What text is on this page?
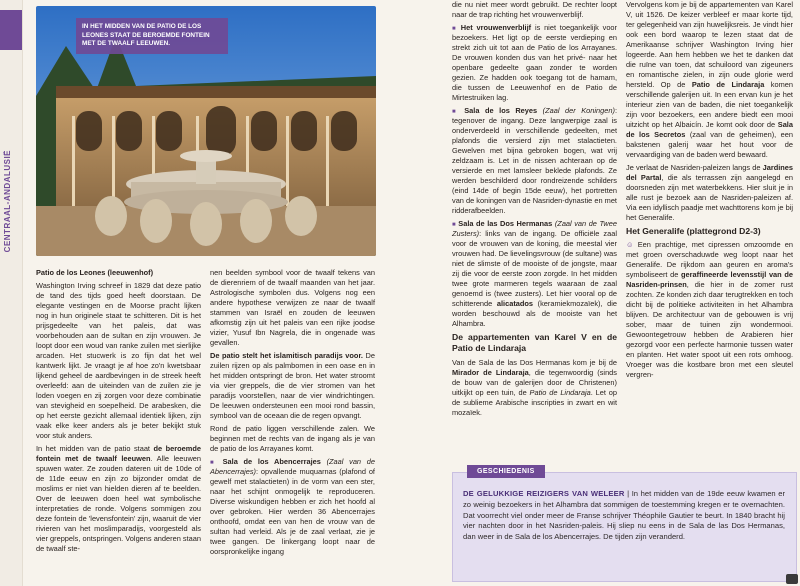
CENTRAAL-ANDALUSIË
IN HET MIDDEN VAN DE PATIO DE LOS LEONES STAAT DE BEROEMDE FONTEIN MET DE TWAALF LEEUWEN.

Patio de los Leones (leeuwenhof)

Washington Irving schreef in 1829 dat deze patio de tand des tijds goed heeft doorstaan. De elegante vestingen en de Moorse pracht lijken nog in hun originele staat te schitteren. Dit is het prijsgedeelte van het paleis, dat was voorbehouden aan de sultan en zijn vrouwen. Je loopt door een woud van ranke zuilen met sierlijke arcaden. Het stucwerk is zo fijn dat het wel kantwerk lijkt. Je vraagt je af hoe zo'n kwetsbaar lijkend geheel de aardbevingen in de streek heeft overleefd: aan de uiteinden van de zuilen zie je loden voegen en zij zorgen voor deze combinatie van stevigheid en soepelheid. De arabesken, die op het eerste gezicht allemaal identiek lijken, zijn vaak elke keer anders als je beter bekijkt stuk voor stuk anders.

In het midden van de patio staat de beroemde fontein met de twaalf leeuwen. Alle leeuwen spuwen water. Ze zouden dateren uit de 10de of de 11de eeuw en zijn zo bijzonder omdat de moslims er niet van hielden dieren af te beelden. Over de leeuwen doen heel wat symbolische interpretaties de ronde. Volgens sommigen zou deze fontein de 'levensfontein' zijn, waaruit de vier rivieren van het moslimparadijs, voorgesteld als vier greppels, ontspringen. Volgens anderen staan de twaalf ste-

nen beelden symbool voor de twaalf tekens van de dierenriem of de twaalf maanden van het jaar. Astrologische symbolen dus. Volgens nog een andere hypothese verwijzen ze naar de twaalf stammen van Israël en zouden de leeuwen afkomstig zijn uit het paleis van een rijke joodse vizier, Yusuf Ibn Nagrela, die in ongenade was gevallen.

De patio stelt het islamitisch paradijs voor. De zuilen rijzen op als palmbomen in een oase en in het midden ontspringt de bron. Het water stroomt via vier greppels, die de vier stromen van het paradijs voorstellen, naar de vier windrichtingen. De leeuwen ondersteunen een mooi rond bassin, symbool van de oceaan die de regen opvangt.

Rond de patio liggen verschillende zalen. We beginnen met de rechts van de ingang als je van de patio de los Arrayanes komt.

■ Sala de los Abencerrajes (Zaal van de Abencerrajes): opvallende muquarnas (plafond of gewelf met stalactieten) in de vorm van een ster, naar het schijnt onmogelijk te reproduceren. Diverse wiskundigen hebben er zich het hoofd al over gebroken. Hier werden 36 Abencerrajes onthoofd, omdat een van hen de vrouw van de sultan had verleid. Als je de zaal verlaat, zie je twee gangen. De linkergang loopt naar de oorspronkelijke ingang

die nu niet meer wordt gebruikt. De rechter loopt naar de trap richting het vrouwenverblijf.

■ Het vrouwenverblijf is niet toegankelijk voor bezoekers. Het ligt op de eerste verdieping en strekt zich uit tot aan de Patio de los Arrayanes. De vrouwen konden dus van het privé- naar het openbare gedeelte gaan zonder te worden gezien. Ze hadden ook toegang tot de hamam, die tussen de Leeuwenhof en de Patio de Mirtestruiken lag.

■ Sala de los Reyes (Zaal der Koningen): tegenover de ingang. Deze langwerpige zaal is onderverdeeld in verschillende gedeelten, met plafonds die versierd zijn met stalactieten. Gewelven met bijna gebroken bogen, wat vrij zeldzaam is. Let in de nissen achteraan op de versierde en met lamsleer beklede plafonds. Ze werden beschilderd door rondreizende schilders (eind 14de of begin 15de eeuw), het portretten van de koningen van de Nasriden-dynastie en met ridderafbeelden.

■ Sala de las Dos Hermanas (Zaal van de Twee Zusters): links van de ingang. De officiële zaal voor de vrouwen van de koning, die meestal vier vrouwen had. De lievelingsvrouw (de sultane) was niet de slimste of de mooiste of de jongste, maar zij die voor de eerste zoon zorgde. In het midden twee grote marmeren tegels waaraan de zaal genoemd is (twee zusters). Let hier vooral op de schitterende alicatados (keramiekmozaïek), die worden beschouwd als de mooiste van het Alhambra.

De appartementen van Karel V en de Patio de Lindaraja

Van de Sala de las Dos Hermanas kom je bij de Mirador de Lindaraja, die tegenwoordig (sinds de bouw van de galerijen door de Christenen) uitkijkt op een tuin, de Patio de Lindaraja. Let op de sublieme Arabische inscripties in zwart en wit mozaïek.

Vervolgens kom je bij de appartementen van Karel V, uit 1526. De keizer verbleef er maar korte tijd, ter gelegenheid van zijn huwelijksreis. Je vindt hier ook een bord waarop te lezen staat dat de Amerikaanse schrijver Washington Irving hier logeerde. Aan hem hebben we het te danken dat die ruïne van toen, dat schuiloord van zigeuners en romantische zielen, in zijn oude glorie werd hersteld. Op de Patio de Lindaraja komen verschillende galerijen uit. In een ervan kun je het interieur zien van de baden, die niet toegankelijk zijn voor bezoekers, een andere biedt een mooi uitzicht op het Albaicín. Je komt ook door de Sala de los Secretos (zaal van de geheimen), een bakstenen galerij waar het hout voor de vervaardiging van de baden werd bewaard.

Je verlaat de Nasriden-paleizen langs de Jardines del Partal, die als terrassen zijn aangelegd en doorsneden zijn met waterbekkens. Hier sluit je in alle rust je bezoek aan de Nasriden-paleizen af. Via een idyllisch paadje met wachttorens kom je bij het Generalife.

Het Generalife (plattegrond D2-3)

☺ Een prachtige, met cipressen omzoomde en met groen overschaduwde weg loopt naar het Generalife. De rijkdom aan geuren en aroma's symboliseert de geraffineerde levensstijl van de Nasriden-prinsen, die hier in de zomer rust zochten. Ze konden zich daar terugtrekken en toch dicht bij de politieke activiteiten in het Alhambra blijven. De architectuur van de gebouwen is vrij sober, maar de tuinen zijn wondermooi. Gewoontegetrouw hebben de Arabieren hier gezorgd voor een perfecte harmonie tussen water en planten. Het water spoot uit een rots omhoog. Vroeger was die kostbare bron met een sleutel vergren-

GESCHIEDENIS
DE GELUKKIGE REIZIGERS VAN WELEER | In het midden van de 19de eeuw kwamen er zo weinig bezoekers in het Alhambra dat sommigen de toestemming kregen er te overnachten. Dat voorrecht viel onder meer de Franse schrijver Théophile Gautier te beurt. In 1840 bracht hij vier nachten door in het Nasriden-paleis. Hij sliep nu eens in de Sala de las Dos Hermanas, dan weer in de Sala de los Abencerrajes. De tijden zijn veranderd.
